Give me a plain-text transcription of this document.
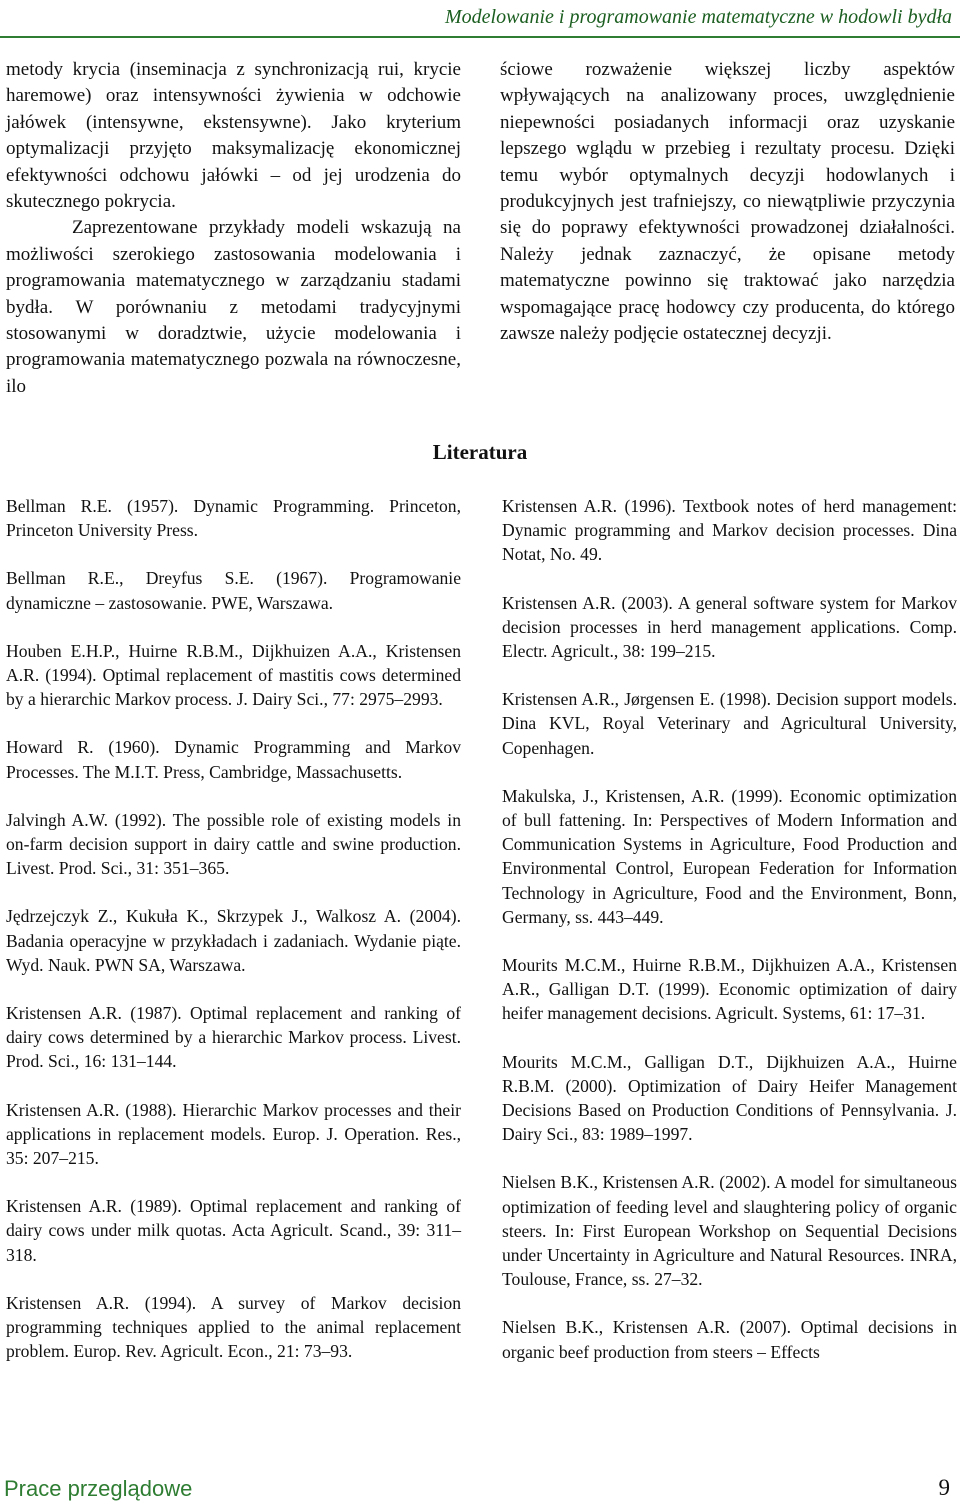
Modelowanie i programowanie matematyczne w hodowli bydła

metody krycia (inseminacja z synchronizacją rui, krycie haremowe) oraz intensywności żywienia w odchowie jałówek (intensywne, ekstensywne). Jako kryterium optymalizacji przyjęto maksymalizację ekonomicznej efektywności odchowu jałówki – od jej urodzenia do skutecznego pokrycia.

Zaprezentowane przykłady modeli wskazują na możliwości szerokiego zastosowania modelowania i programowania matematycznego w zarządzaniu stadami bydła. W porównaniu z metodami tradycyjnymi stosowanymi w doradztwie, użycie modelowania i programowania matematycznego pozwala na równoczesne, ilo

ściowe rozważenie większej liczby aspektów wpływających na analizowany proces, uwzględnienie niepewności posiadanych informacji oraz uzyskanie lepszego wglądu w przebieg i rezultaty procesu. Dzięki temu wybór optymalnych decyzji hodowlanych i produkcyjnych jest trafniejszy, co niewątpliwie przyczynia się do poprawy efektywności prowadzonej działalności. Należy jednak zaznaczyć, że opisane metody matematyczne powinno się traktować jako narzędzia wspomagające pracę hodowcy czy producenta, do którego zawsze należy podjęcie ostatecznej decyzji.

Literatura

Bellman R.E. (1957). Dynamic Programming. Princeton, Princeton University Press.

Bellman R.E., Dreyfus S.E. (1967). Programowanie dynamiczne – zastosowanie. PWE, Warszawa.

Houben E.H.P., Huirne R.B.M., Dijkhuizen A.A., Kristensen A.R. (1994). Optimal replacement of mastitis cows determined by a hierarchic Markov process. J. Dairy Sci., 77: 2975–2993.

Howard R. (1960). Dynamic Programming and Markov Processes. The M.I.T. Press, Cambridge, Massachusetts.

Jalvingh A.W. (1992). The possible role of existing models in on-farm decision support in dairy cattle and swine production. Livest. Prod. Sci., 31: 351–365.

Jędrzejczyk Z., Kukuła K., Skrzypek J., Walkosz A. (2004). Badania operacyjne w przykładach i zadaniach. Wydanie piąte. Wyd. Nauk. PWN SA, Warszawa.

Kristensen A.R. (1987). Optimal replacement and ranking of dairy cows determined by a hierarchic Markov process. Livest. Prod. Sci., 16: 131–144.

Kristensen A.R. (1988). Hierarchic Markov processes and their applications in replacement models. Europ. J. Operation. Res., 35: 207–215.

Kristensen A.R. (1989). Optimal replacement and ranking of dairy cows under milk quotas. Acta Agricult. Scand., 39: 311–318.

Kristensen A.R. (1994). A survey of Markov decision programming techniques applied to the animal replacement problem. Europ. Rev. Agricult. Econ., 21: 73–93.

Kristensen A.R. (1996). Textbook notes of herd management: Dynamic programming and Markov decision processes. Dina Notat, No. 49.

Kristensen A.R. (2003). A general software system for Markov decision processes in herd management applications. Comp. Electr. Agricult., 38: 199–215.

Kristensen A.R., Jørgensen E. (1998). Decision support models. Dina KVL, Royal Veterinary and Agricultural University, Copenhagen.

Makulska, J., Kristensen, A.R. (1999). Economic optimization of bull fattening. In: Perspectives of Modern Information and Communication Systems in Agriculture, Food Production and Environmental Control, European Federation for Information Technology in Agriculture, Food and the Environment, Bonn, Germany, ss. 443–449.

Mourits M.C.M., Huirne R.B.M., Dijkhuizen A.A., Kristensen A.R., Galligan D.T. (1999). Economic optimization of dairy heifer management decisions. Agricult. Systems, 61: 17–31.

Mourits M.C.M., Galligan D.T., Dijkhuizen A.A., Huirne R.B.M. (2000). Optimization of Dairy Heifer Management Decisions Based on Production Conditions of Pennsylvania. J. Dairy Sci., 83: 1989–1997.

Nielsen B.K., Kristensen A.R. (2002). A model for simultaneous optimization of feeding level and slaughtering policy of organic steers. In: First European Workshop on Sequential Decisions under Uncertainty in Agriculture and Natural Resources. INRA, Toulouse, France, ss. 27–32.

Nielsen B.K., Kristensen A.R. (2007). Optimal decisions in organic beef production from steers – Effects

Prace przeglądowe	9
